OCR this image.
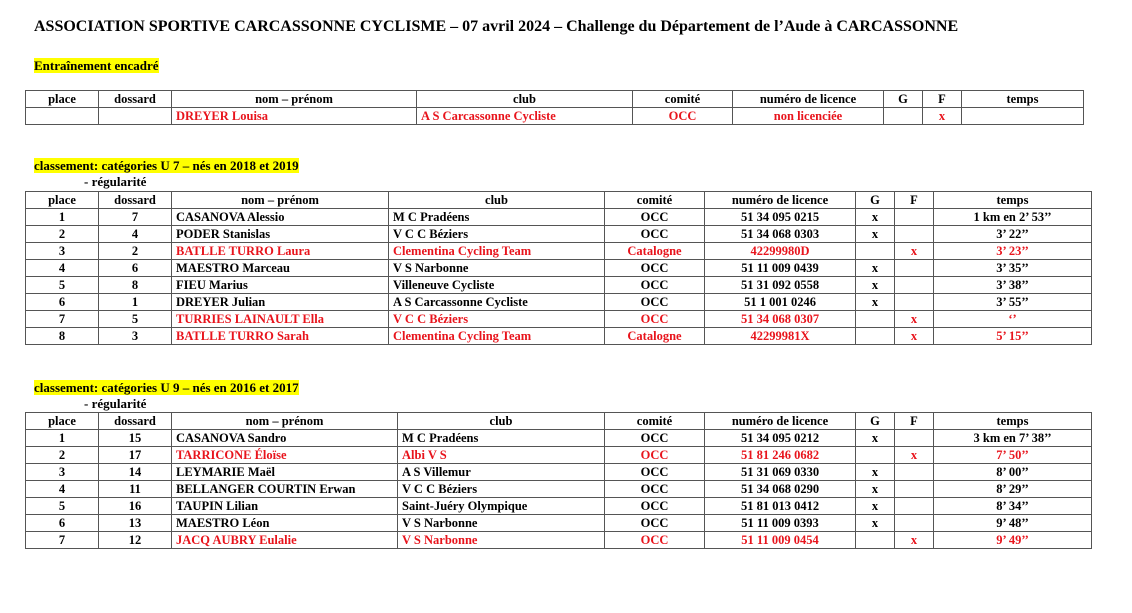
ASSOCIATION SPORTIVE CARCASSONNE CYCLISME – 07 avril 2024 – Challenge du Département de l’Aude à CARCASSONNE
Entraînement encadré
place	dossard	nom – prénom	club	comité	numéro de licence	G	F	temps
		DREYER Louisa	A S Carcassonne Cycliste	OCC	non licenciée		x	
classement: catégories U 7 – nés en 2018 et 2019
- régularité
place	dossard	nom – prénom	club	comité	numéro de licence	G	F	temps
1	7	CASANOVA Alessio	M C Pradéens	OCC	51 34 095 0215	x		1 km en 2’ 53’’
2	4	PODER Stanislas	V C C Béziers	OCC	51 34 068 0303	x		3’ 22’’
3	2	BATLLE TURRO Laura	Clementina Cycling Team	Catalogne	42299980D		x	3’ 23’’
4	6	MAESTRO Marceau	V S Narbonne	OCC	51 11 009 0439	x		3’ 35’’
5	8	FIEU Marius	Villeneuve Cycliste	OCC	51 31 092 0558	x		3’ 38’’
6	1	DREYER Julian	A S Carcassonne Cycliste	OCC	51 1 001 0246	x		3’ 55’’
7	5	TURRIES LAINAULT Ella	V C C Béziers	OCC	51 34 068 0307		x	‘’
8	3	BATLLE TURRO Sarah	Clementina Cycling Team	Catalogne	42299981X		x	5’ 15’’
classement: catégories U 9 – nés en 2016 et 2017
- régularité
place	dossard	nom – prénom	club	comité	numéro de licence	G	F	temps
1	15	CASANOVA Sandro	M C Pradéens	OCC	51 34 095 0212	x		3 km en 7’ 38’’
2	17	TARRICONE Éloïse	Albi V S	OCC	51 81 246 0682		x	7’ 50’’
3	14	LEYMARIE Maël	A S Villemur	OCC	51 31 069 0330	x		8’ 00’’
4	11	BELLANGER COURTIN Erwan	V C C Béziers	OCC	51 34 068 0290	x		8’ 29’’
5	16	TAUPIN Lilian	Saint-Juéry Olympique	OCC	51 81 013 0412	x		8’ 34’’
6	13	MAESTRO Léon	V S Narbonne	OCC	51 11 009 0393	x		9’ 48’’
7	12	JACQ AUBRY Eulalie	V S Narbonne	OCC	51 11 009 0454		x	9’ 49’’
